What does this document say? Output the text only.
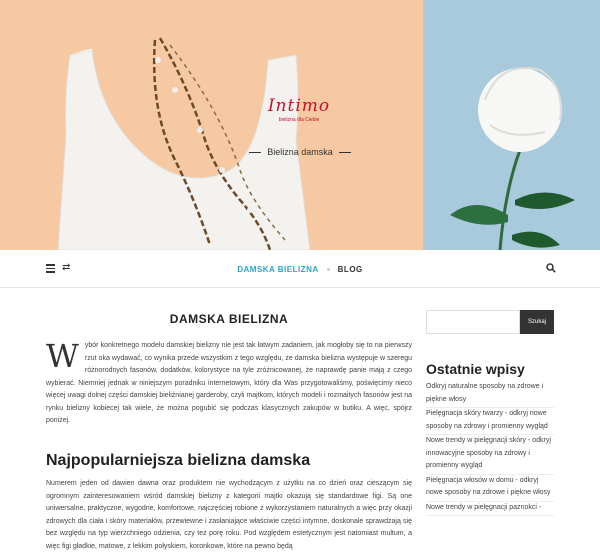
Intimo
bielizna dla Ciebie
Bielizna damska
⇄	DAMSKA BIELIZNA BLOG
DAMSKA BIELIZNA

Wybór konkretnego modelu damskiej bielizny nie jest tak łatwym zadaniem, jak mogłoby się to na pierwszy rzut oka wydawać, co wynika przede wszystkim z tego względu, że damska bielizna występuje w szeregu różnorodnych fasonów, dodatków, kolorystyce na tyle zróżnicowanej, że naprawdę panie mają z czego wybierać. Niemniej jednak w niniejszym poradniku internetowym, który dla Was przygotowaliśmy, poświęcimy nieco więcej uwagi dolnej części damskiej bieliźnianej garderoby, czyli majtkom, których modeli i rozmaitych fasonów jest na rynku bielizny kobiecej tak wiele, że można pogubić się podczas klasycznych zakupów w butiku. A więc, spójrz poniżej.

Najpopularniejsza bielizna damska

Numerem jeden od dawien dawna oraz produktem nie wychodzącym z użytku na co dzień oraz cieszącym się ogromnym zainteresowaniem wśród damskiej bielizny z kategorii majtki okazują się standardowe figi. Są one uniwersalne, praktyczne, wygodne, komfortowe, najczęściej robione z wykorzystaniem naturalnych a więc przy okazji zdrowych dla ciała i skóry materiałów, przewiewne i zasłaniające właściwie części intymne, doskonale sprawdzają się bez względu na typ wierzchniego odzienia, czy też porę roku. Pod względem estetycznym jest natomiast multum, a więc figi gładkie, matowe, z lekkim połyskiem, koronkowe, które na pewno będą

Szukaj
Ostatnie wpisy
Odkryj naturalne sposoby na zdrowe i piękne włosy
Pielęgnacja skóry twarzy - odkryj nowe sposoby na zdrowy i promienny wygląd
Nowe trendy w pielęgnacji skóry - odkryj innowacyjne sposoby na zdrowy i promienny wygląd
Pielęgnacja włosów w domu - odkryj nowe sposoby na zdrowe i piękne włosy
Nowe trendy w pielęgnacji paznokci -
